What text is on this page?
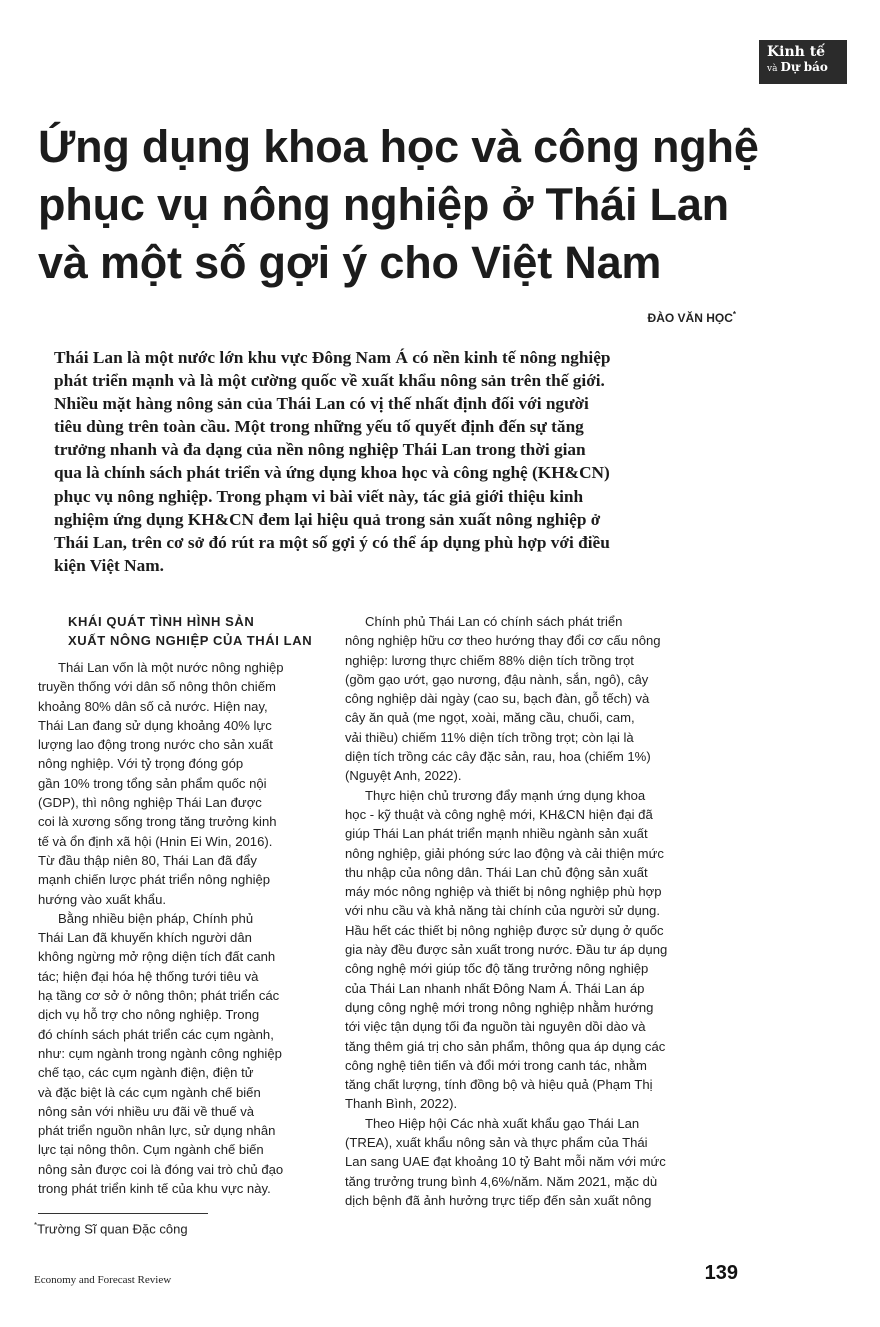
Kinh tế
và Dự báo
Ứng dụng khoa học và công nghệ
phục vụ nông nghiệp ở Thái Lan
và một số gợi ý cho Việt Nam
ĐÀO VĂN HỌC*
Thái Lan là một nước lớn khu vực Đông Nam Á có nền kinh tế nông nghiệp
phát triển mạnh và là một cường quốc về xuất khẩu nông sản trên thế giới.
Nhiều mặt hàng nông sản của Thái Lan có vị thế nhất định đối với người
tiêu dùng trên toàn cầu. Một trong những yếu tố quyết định đến sự tăng
trưởng nhanh và đa dạng của nền nông nghiệp Thái Lan trong thời gian
qua là chính sách phát triển và ứng dụng khoa học và công nghệ (KH&CN)
phục vụ nông nghiệp. Trong phạm vi bài viết này, tác giả giới thiệu kinh
nghiệm ứng dụng KH&CN đem lại hiệu quả trong sản xuất nông nghiệp ở
Thái Lan, trên cơ sở đó rút ra một số gợi ý có thể áp dụng phù hợp với điều
kiện Việt Nam.
KHÁI QUÁT TÌNH HÌNH SẢN
XUẤT NÔNG NGHIỆP CỦA THÁI LAN
Thái Lan vốn là một nước nông nghiệp
truyền thống với dân số nông thôn chiếm
khoảng 80% dân số cả nước. Hiện nay,
Thái Lan đang sử dụng khoảng 40% lực
lượng lao động trong nước cho sản xuất
nông nghiệp. Với tỷ trọng đóng góp
gần 10% trong tổng sản phẩm quốc nội
(GDP), thì nông nghiệp Thái Lan được
coi là xương sống trong tăng trưởng kinh
tế và ổn định xã hội (Hnin Ei Win, 2016).
Từ đầu thập niên 80, Thái Lan đã đẩy
mạnh chiến lược phát triển nông nghiệp
hướng vào xuất khẩu.
Bằng nhiều biện pháp, Chính phủ
Thái Lan đã khuyến khích người dân
không ngừng mở rộng diện tích đất canh
tác; hiện đại hóa hệ thống tưới tiêu và
hạ tầng cơ sở ở nông thôn; phát triển các
dịch vụ hỗ trợ cho nông nghiệp. Trong
đó chính sách phát triển các cụm ngành,
như: cụm ngành trong ngành công nghiệp
chế tạo, các cụm ngành điện, điện tử
và đặc biệt là các cụm ngành chế biến
nông sản với nhiều ưu đãi về thuế và
phát triển nguồn nhân lực, sử dụng nhân
lực tại nông thôn. Cụm ngành chế biến
nông sản được coi là đóng vai trò chủ đạo
trong phát triển kinh tế của khu vực này.
Chính phủ Thái Lan có chính sách phát triển
nông nghiệp hữu cơ theo hướng thay đổi cơ cấu nông
nghiệp: lương thực chiếm 88% diện tích trồng trọt
(gồm gạo ướt, gạo nương, đậu nành, sắn, ngô), cây
công nghiệp dài ngày (cao su, bạch đàn, gỗ tếch) và
cây ăn quả (me ngọt, xoài, măng cầu, chuối, cam,
vải thiều) chiếm 11% diện tích trồng trọt; còn lại là
diện tích trồng các cây đặc sản, rau, hoa (chiếm 1%)
(Nguyệt Anh, 2022).
Thực hiện chủ trương đẩy mạnh ứng dụng khoa
học - kỹ thuật và công nghệ mới, KH&CN hiện đại đã
giúp Thái Lan phát triển mạnh nhiều ngành sản xuất
nông nghiệp, giải phóng sức lao động và cải thiện mức
thu nhập của nông dân. Thái Lan chủ động sản xuất
máy móc nông nghiệp và thiết bị nông nghiệp phù hợp
với nhu cầu và khả năng tài chính của người sử dụng.
Hầu hết các thiết bị nông nghiệp được sử dụng ở quốc
gia này đều được sản xuất trong nước. Đầu tư áp dụng
công nghệ mới giúp tốc độ tăng trưởng nông nghiệp
của Thái Lan nhanh nhất Đông Nam Á. Thái Lan áp
dụng công nghệ mới trong nông nghiệp nhằm hướng
tới việc tận dụng tối đa nguồn tài nguyên dồi dào và
tăng thêm giá trị cho sản phẩm, thông qua áp dụng các
công nghệ tiên tiến và đổi mới trong canh tác, nhằm
tăng chất lượng, tính đồng bộ và hiệu quả (Phạm Thị
Thanh Bình, 2022).
Theo Hiệp hội Các nhà xuất khẩu gạo Thái Lan
(TREA), xuất khẩu nông sản và thực phẩm của Thái
Lan sang UAE đạt khoảng 10 tỷ Baht mỗi năm với mức
tăng trưởng trung bình 4,6%/năm. Năm 2021, mặc dù
dịch bệnh đã ảnh hưởng trực tiếp đến sản xuất nông
*Trường Sĩ quan Đặc công
Economy and Forecast Review	139
